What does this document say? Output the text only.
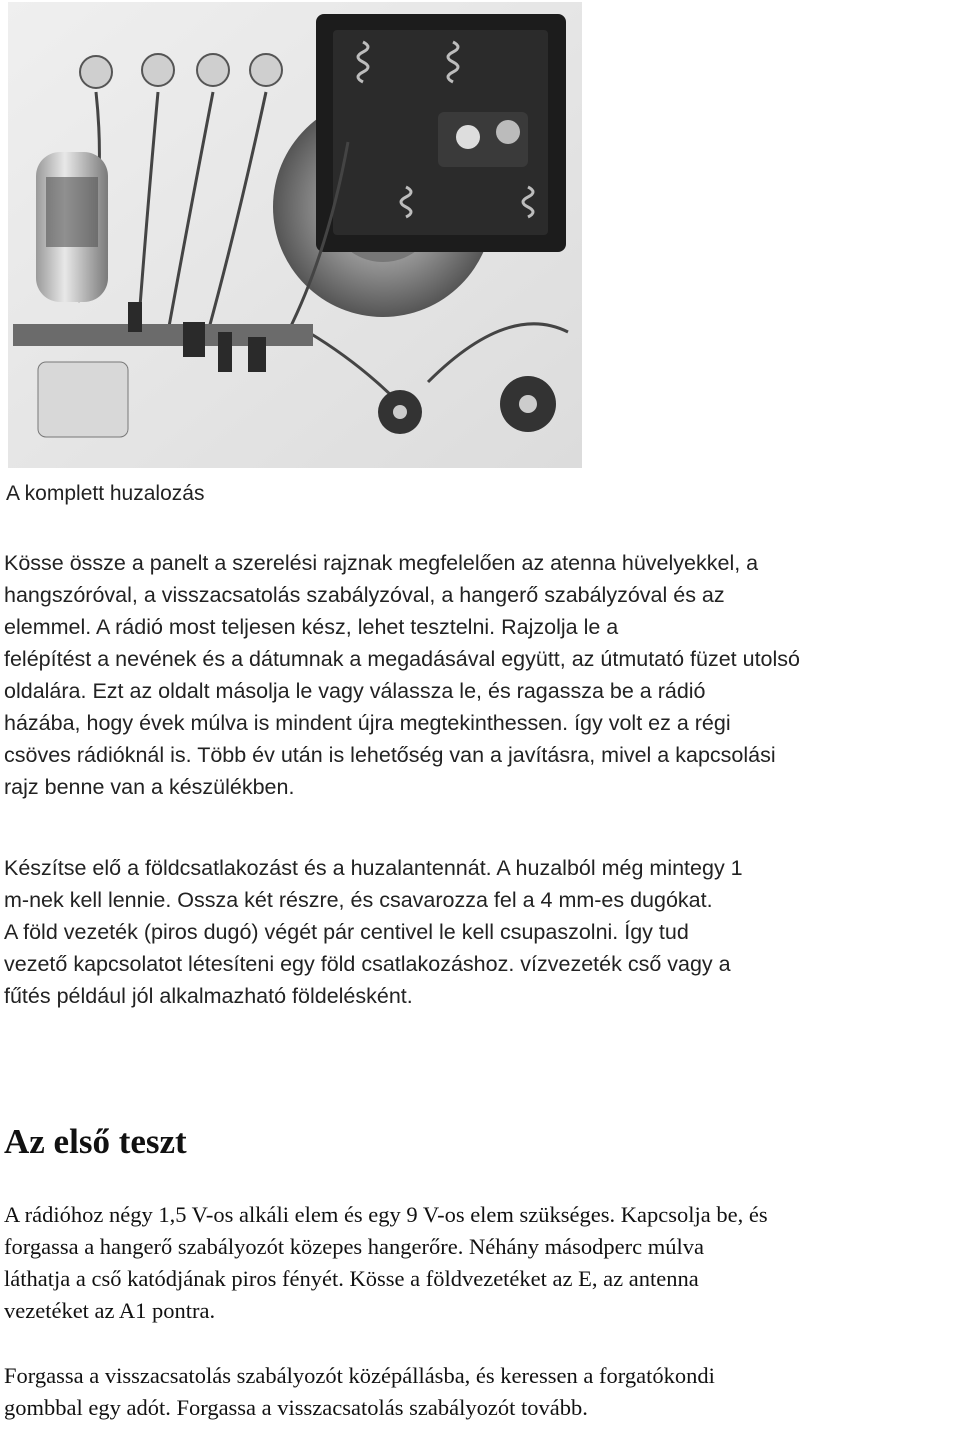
A komplett huzalozás

Kösse össze a panelt a szerelési rajznak megfelelően az atenna hüvelyekkel, a
hangszóróval, a visszacsatolás szabályzóval, a hangerő szabályzóval és az
elemmel. A rádió most teljesen kész, lehet tesztelni. Rajzolja le a
felépítést a nevének és a dátumnak a megadásával együtt, az útmutató füzet utolsó
oldalára. Ezt az oldalt másolja le vagy válassza le, és ragassza be a rádió
házába, hogy évek múlva is mindent újra megtekinthessen. így volt ez a régi
csöves rádióknál is. Több év után is lehetőség van a javításra, mivel a kapcsolási
rajz benne van a készülékben.

Készítse elő a földcsatlakozást és a huzalantennát. A huzalból még mintegy 1
m-nek kell lennie. Ossza két részre, és csavarozza fel a 4 mm-es dugókat.
A föld vezeték (piros dugó) végét pár centivel le kell csupaszolni. Így tud
vezető kapcsolatot létesíteni egy föld csatlakozáshoz. vízvezeték cső vagy a
fűtés például jól alkalmazható földelésként.

Az első teszt

A rádióhoz négy 1,5 V-os alkáli elem és egy 9 V-os elem szükséges. Kapcsolja be, és
forgassa a hangerő szabályozót közepes hangerőre. Néhány másodperc múlva
láthatja a cső katódjának piros fényét. Kösse a földvezetéket az E, az antenna
vezetéket az A1 pontra.

Forgassa a visszacsatolás szabályozót középállásba, és keressen a forgatókondi
gombbal egy adót. Forgassa a visszacsatolás szabályozót tovább.
